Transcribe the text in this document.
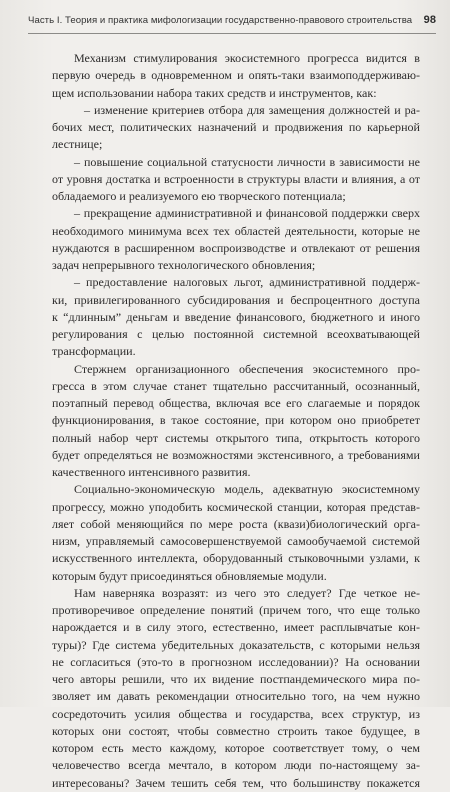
Часть I. Теория и практика мифологизации государственно-правового строительства 98
Механизм стимулирования экосистемного прогресса видится в
первую очередь в одновременном и опять-таки взаимоподдерживаю-
щем использовании набора таких средств и инструментов, как:
– изменение критериев отбора для замещения должностей и ра-
бочих мест, политических назначений и продвижения по карьерной
лестнице;
– повышение социальной статусности личности в зависимости не
от уровня достатка и встроенности в структуры власти и влияния, а от
обладаемого и реализуемого ею творческого потенциала;
– прекращение административной и финансовой поддержки сверх
необходимого минимума всех тех областей деятельности, которые не
нуждаются в расширенном воспроизводстве и отвлекают от решения
задач непрерывного технологического обновления;
– предоставление налоговых льгот, административной поддерж-
ки, привилегированного субсидирования и беспроцентного доступа
к “длинным” деньгам и введение финансового, бюджетного и иного
регулирования с целью постоянной системной всеохватывающей
трансформации.
Стержнем организационного обеспечения экосистемного про-
гресса в этом случае станет тщательно рассчитанный, осознанный,
поэтапный перевод общества, включая все его слагаемые и порядок
функционирования, в такое состояние, при котором оно приобретет
полный набор черт системы открытого типа, открытость которого
будет определяться не возможностями экстенсивного, а требованиями
качественного интенсивного развития.
Социально-экономическую модель, адекватную экосистемному
прогрессу, можно уподобить космической станции, которая представ-
ляет собой меняющийся по мере роста (квази)биологический орга-
низм, управляемый самосовершенствуемой самообучаемой системой
искусственного интеллекта, оборудованный стыковочными узлами, к
которым будут присоединяться обновляемые модули.
Нам наверняка возразят: из чего это следует? Где четкое не-
противоречивое определение понятий (причем того, что еще только
нарождается и в силу этого, естественно, имеет расплывчатые кон-
туры)? Где система убедительных доказательств, с которыми нельзя
не согласиться (это-то в прогнозном исследовании)? На основании
чего авторы решили, что их видение постпандемического мира по-
зволяет им давать рекомендации относительно того, на чем нужно
сосредоточить усилия общества и государства, всех структур, из
которых они состоят, чтобы совместно строить такое будущее, в
котором есть место каждому, которое соответствует тому, о чем
человечество всегда мечтало, в котором люди по-настоящему за-
интересованы? Зачем тешить себя тем, что большинству покажется
